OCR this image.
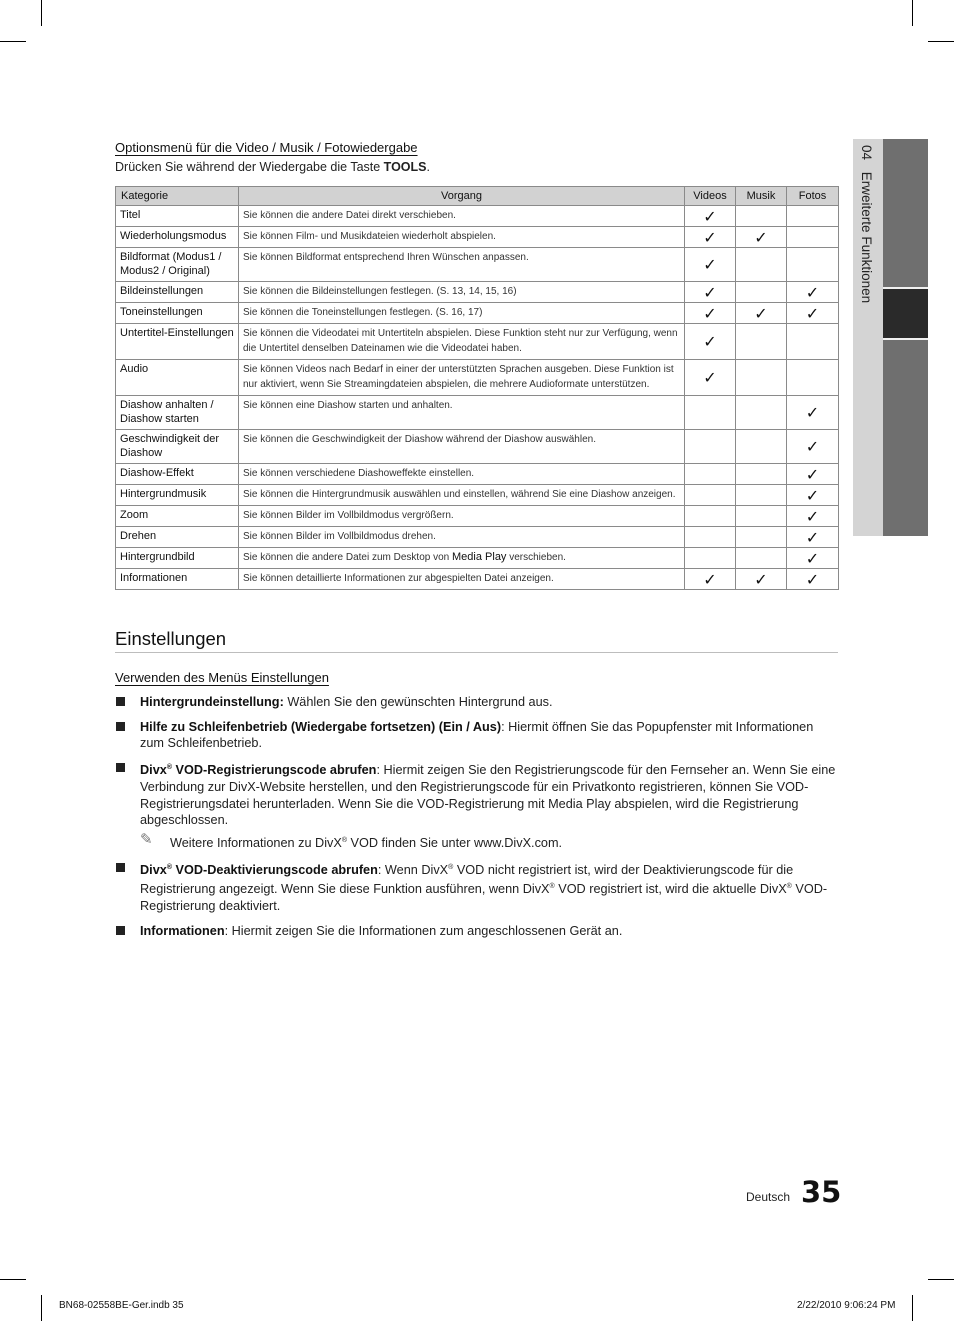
04 Erweiterte Funktionen
Optionsmenü für die Video / Musik / Fotowiedergabe
Drücken Sie während der Wiedergabe die Taste TOOLS.
Kategorie	Vorgang	Videos	Musik	Fotos
Titel	Sie können die andere Datei direkt verschieben.	✓		
Wiederholungsmodus	Sie können Film- und Musikdateien wiederholt abspielen.	✓	✓	
Bildformat (Modus1 / Modus2 / Original)	Sie können Bildformat entsprechend Ihren Wünschen anpassen.	✓		
Bildeinstellungen	Sie können die Bildeinstellungen festlegen. (S. 13, 14, 15, 16)	✓		✓
Toneinstellungen	Sie können die Toneinstellungen festlegen. (S. 16, 17)	✓	✓	✓
Untertitel-Einstellungen	Sie können die Videodatei mit Untertiteln abspielen. Diese Funktion steht nur zur Verfügung, wenn die Untertitel denselben Dateinamen wie die Videodatei haben.	✓		
Audio	Sie können Videos nach Bedarf in einer der unterstützten Sprachen ausgeben. Diese Funktion ist nur aktiviert, wenn Sie Streamingdateien abspielen, die mehrere Audioformate unterstützen.	✓		
Diashow anhalten / Diashow starten	Sie können eine Diashow starten und anhalten.			✓
Geschwindigkeit der Diashow	Sie können die Geschwindigkeit der Diashow während der Diashow auswählen.			✓
Diashow-Effekt	Sie können verschiedene Diashoweffekte einstellen.			✓
Hintergrundmusik	Sie können die Hintergrundmusik auswählen und einstellen, während Sie eine Diashow anzeigen.			✓
Zoom	Sie können Bilder im Vollbildmodus vergrößern.			✓
Drehen	Sie können Bilder im Vollbildmodus drehen.			✓
Hintergrundbild	Sie können die andere Datei zum Desktop von Media Play verschieben.			✓
Informationen	Sie können detaillierte Informationen zur abgespielten Datei anzeigen.	✓	✓	✓
Einstellungen
Verwenden des Menüs Einstellungen
Hintergrundeinstellung: Wählen Sie den gewünschten Hintergrund aus.
Hilfe zu Schleifenbetrieb (Wiedergabe fortsetzen) (Ein / Aus): Hiermit öffnen Sie das Popupfenster mit Informationen zum Schleifenbetrieb.
Divx® VOD-Registrierungscode abrufen: Hiermit zeigen Sie den Registrierungscode für den Fernseher an. Wenn Sie eine Verbindung zur DivX-Website herstellen, und den Registrierungscode für ein Privatkonto registrieren, können Sie VOD-Registrierungsdatei herunterladen. Wenn Sie die VOD-Registrierung mit Media Play abspielen, wird die Registrierung abgeschlossen.
✎ Weitere Informationen zu DivX® VOD finden Sie unter www.DivX.com.
Divx® VOD-Deaktivierungscode abrufen: Wenn DivX® VOD nicht registriert ist, wird der Deaktivierungscode für die Registrierung angezeigt. Wenn Sie diese Funktion ausführen, wenn DivX® VOD registriert ist, wird die aktuelle DivX® VOD-Registrierung deaktiviert.
Informationen: Hiermit zeigen Sie die Informationen zum angeschlossenen Gerät an.
Deutsch 35
BN68-02558BE-Ger.indb 35	2/22/2010 9:06:24 PM
